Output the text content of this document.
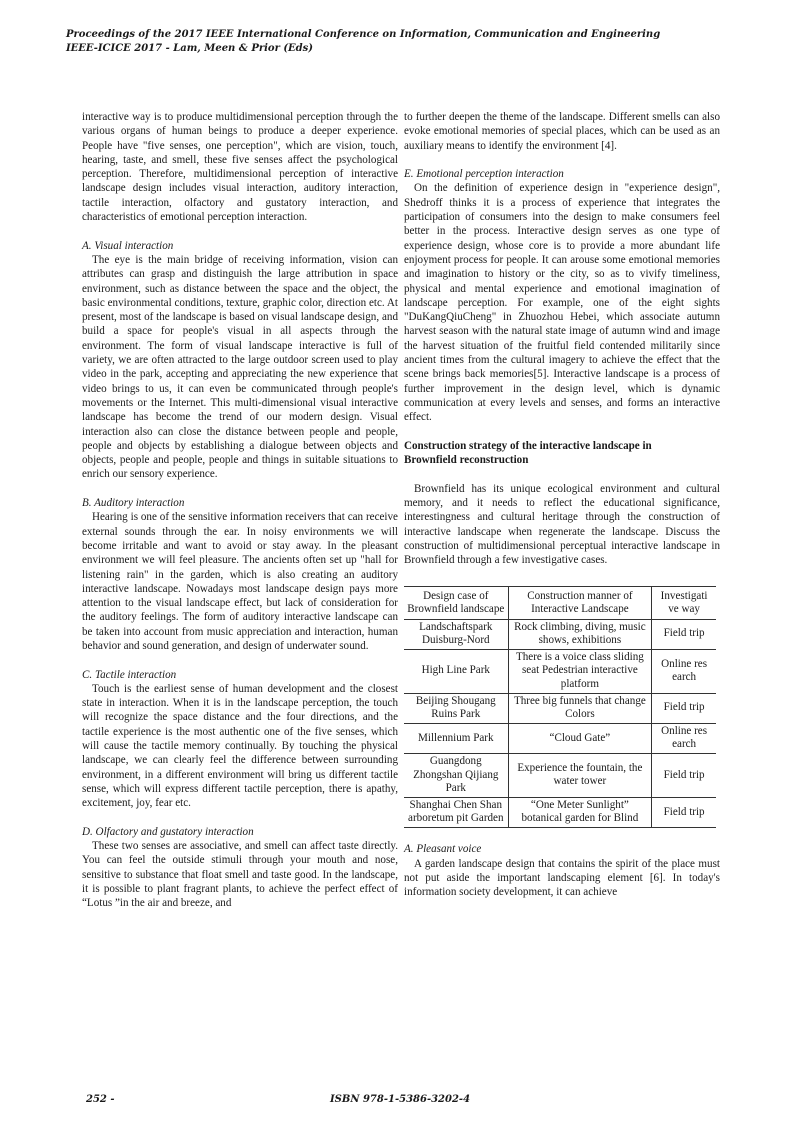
Proceedings of the 2017 IEEE International Conference on Information, Communication and Engineering
IEEE-ICICE 2017 - Lam, Meen & Prior (Eds)

interactive way is to produce multidimensional perception through the various organs of human beings to produce a deeper experience. People have "five senses, one perception", which are vision, touch, hearing, taste, and smell, these five senses affect the psychological perception. Therefore, multidimensional perception of interactive landscape design includes visual interaction, auditory interaction, tactile interaction, olfactory and gustatory interaction, and characteristics of emotional perception interaction.

A. Visual interaction

The eye is the main bridge of receiving information, vision can attributes can grasp and distinguish the large attribution in space environment, such as distance between the space and the object, the basic environmental conditions, texture, graphic color, direction etc. At present, most of the landscape is based on visual landscape design, and build a space for people's visual in all aspects through the environment. The form of visual landscape interactive is full of variety, we are often attracted to the large outdoor screen used to play video in the park, accepting and appreciating the new experience that video brings to us, it can even be communicated through people's movements or the Internet. This multi-dimensional visual interactive landscape has become the trend of our modern design. Visual interaction also can close the distance between people and people, people and objects by establishing a dialogue between objects and objects, people and people, people and things in suitable situations to enrich our sensory experience.

B. Auditory interaction

Hearing is one of the sensitive information receivers that can receive external sounds through the ear. In noisy environments we will become irritable and want to avoid or stay away. In the pleasant environment we will feel pleasure. The ancients often set up "hall for listening rain" in the garden, which is also creating an auditory interactive landscape. Nowadays most landscape design pays more attention to the visual landscape effect, but lack of consideration for the auditory feelings. The form of auditory interactive landscape can be taken into account from music appreciation and interaction, human behavior and sound generation, and design of underwater sound.

C. Tactile interaction

Touch is the earliest sense of human development and the closest state in interaction. When it is in the landscape perception, the touch will recognize the space distance and the four directions, and the tactile experience is the most authentic one of the five senses, which will cause the tactile memory continually. By touching the physical landscape, we can clearly feel the difference between surrounding environment, in a different environment will bring us different tactile sense, which will express different tactile perception, there is apathy, excitement, joy, fear etc.

D. Olfactory and gustatory interaction

These two senses are associative, and smell can affect taste directly. You can feel the outside stimuli through your mouth and nose, sensitive to substance that float smell and taste good. In the landscape, it is possible to plant fragrant plants, to achieve the perfect effect of “Lotus ”in the air and breeze, and

to further deepen the theme of the landscape. Different smells can also evoke emotional memories of special places, which can be used as an auxiliary means to identify the environment [4].

E. Emotional perception interaction

On the definition of experience design in "experience design", Shedroff thinks it is a process of experience that integrates the participation of consumers into the design to make consumers feel better in the process. Interactive design serves as one type of experience design, whose core is to provide a more abundant life enjoyment process for people. It can arouse some emotional memories and imagination to history or the city, so as to vivify timeliness, physical and mental experience and emotional imagination of landscape perception. For example, one of the eight sights "DuKangQiuCheng" in Zhuozhou Hebei, which associate autumn harvest season with the natural state image of autumn wind and image the harvest situation of the fruitful field contended militarily since ancient times from the cultural imagery to achieve the effect that the scene brings back memories[5]. Interactive landscape is a process of further improvement in the design level, which is dynamic communication at every levels and senses, and forms an interactive effect.

Construction strategy of the interactive landscape in
Brownfield reconstruction

Brownfield has its unique ecological environment and cultural memory, and it needs to reflect the educational significance, interestingness and cultural heritage through the construction of interactive landscape when regenerate the landscape. Discuss the construction of multidimensional perceptual interactive landscape in Brownfield through a few investigative cases.

Design case of Brownfield landscape	Construction manner of Interactive Landscape	Investigati ve way
Landschaftspark Duisburg-Nord	Rock climbing, diving, music shows, exhibitions	Field trip
High Line Park	There is a voice class sliding seat Pedestrian interactive platform	Online res earch
Beijing Shougang Ruins Park	Three big funnels that change Colors	Field trip
Millennium Park	“Cloud Gate”	Online res earch
Guangdong Zhongshan Qijiang Park	Experience the fountain, the water tower	Field trip
Shanghai Chen Shan arboretum pit Garden	“One Meter Sunlight” botanical garden for Blind	Field trip

A. Pleasant voice

A garden landscape design that contains the spirit of the place must not put aside the important landscaping element [6]. In today's information society development, it can achieve

252 -	ISBN 978-1-5386-3202-4
